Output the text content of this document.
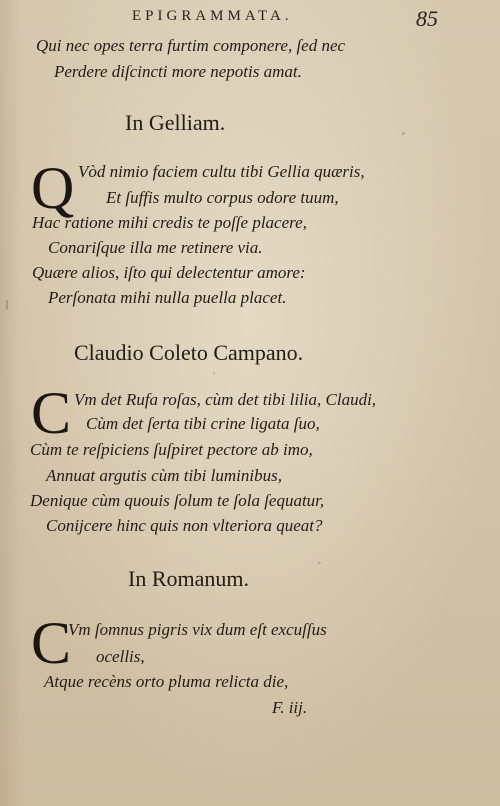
EPIGRAMMATA.	85
Qui nec opes terra furtim componere, ſed nec
Perdere diſcincti more nepotis amat.
In Gelliam.
Q Vòd nimio faciem cultu tibi Gellia quæris,
Et ſuffis multo corpus odore tuum,
Hac ratione mihi credis te poſſe placere,
Conariſque illa me retinere via.
Quære alios, iſto qui delectentur amore:
Perſonata mihi nulla puella placet.
Claudio Coleto Campano.
C Vm det Rufa roſas, cùm det tibi lilia, Claudi,
Cùm det ſerta tibi crine ligata ſuo,
Cùm te reſpiciens ſuſpiret pectore ab imo,
Annuat argutis cùm tibi luminibus,
Denique cùm quouis ſolum te ſola ſequatur,
Conijcere hinc quis non vlteriora queat?
In Romanum.
C
Vm ſomnus pigris vix dum eſt excuſſus
ocellis,
Atque recèns orto pluma relicta die,
F. iij.
